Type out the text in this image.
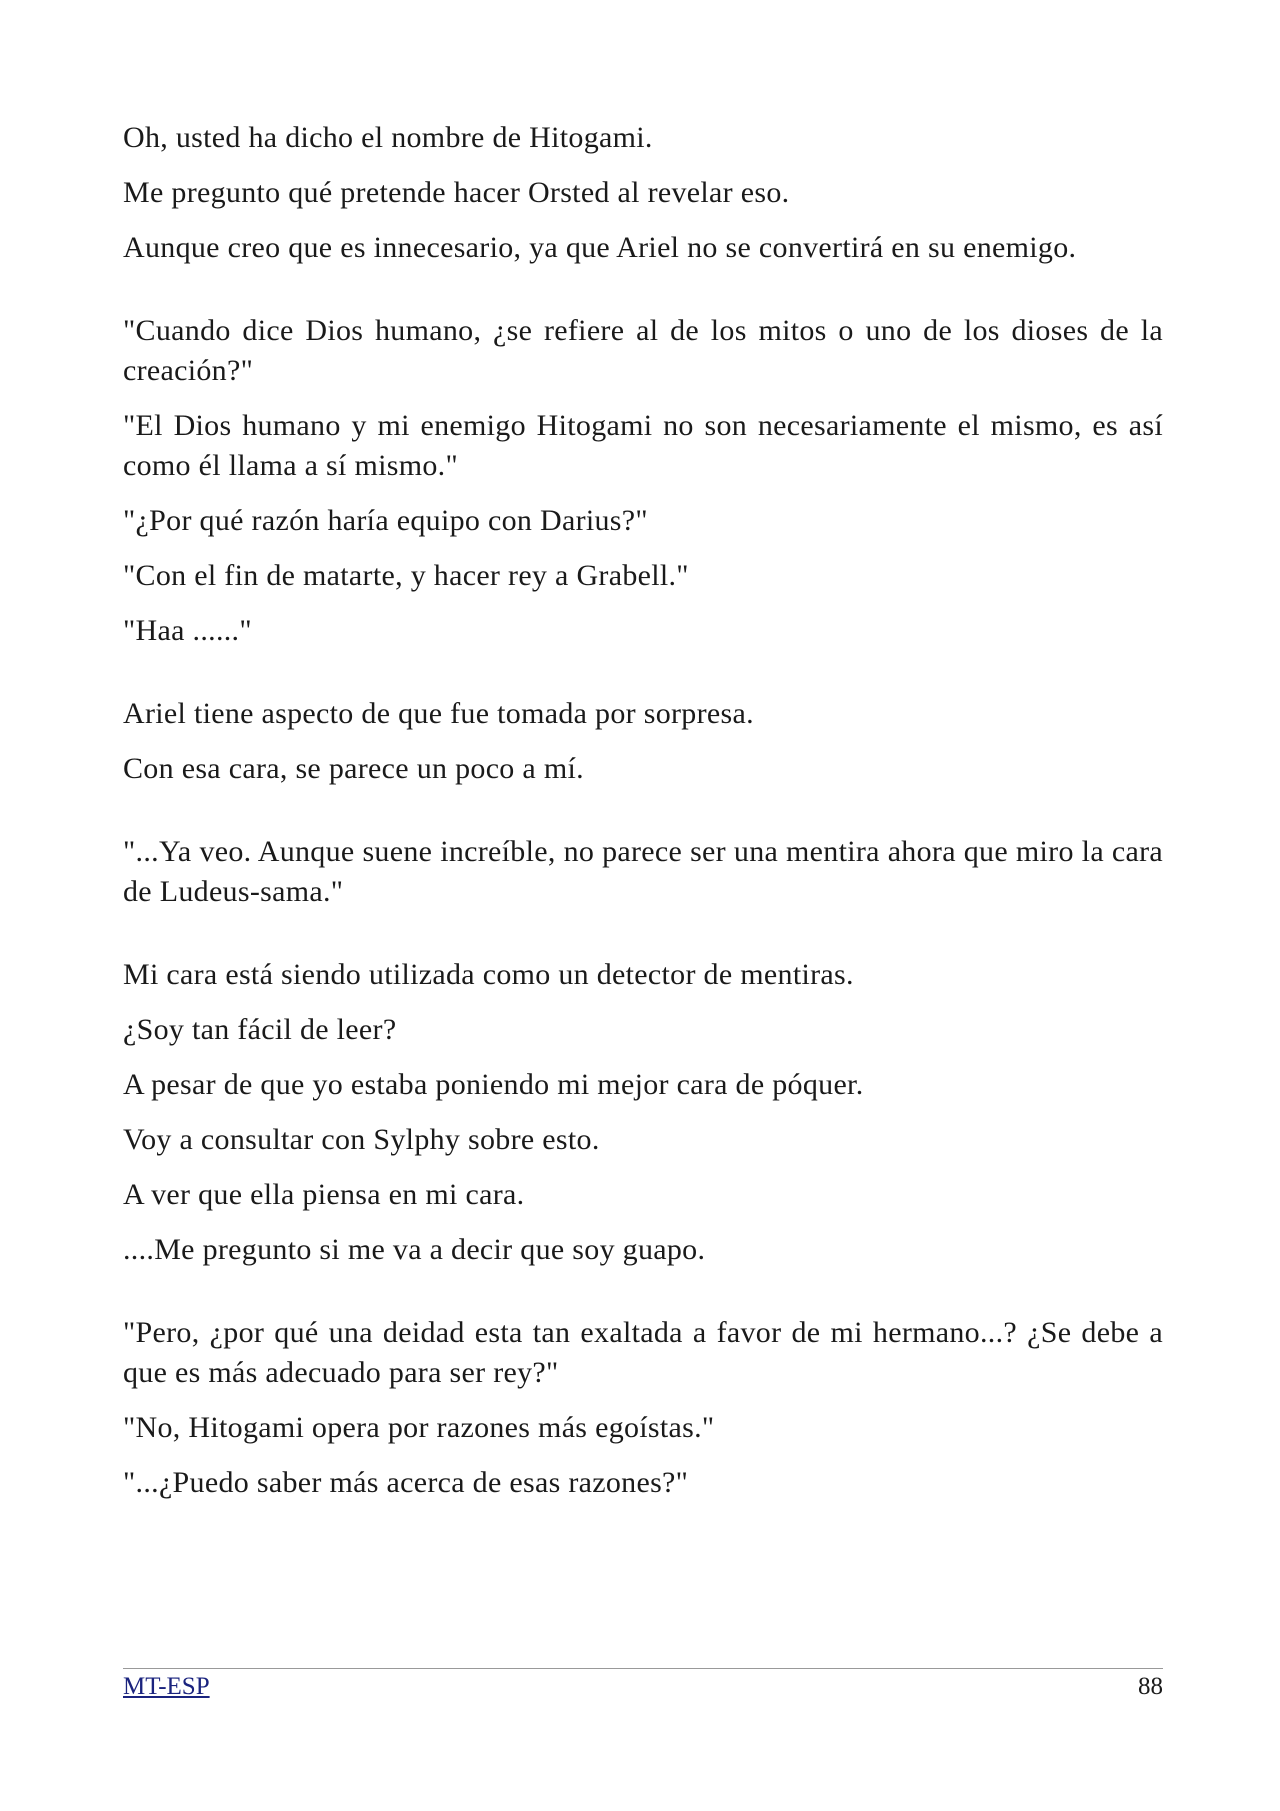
Oh, usted ha dicho el nombre de Hitogami.

Me pregunto qué pretende hacer Orsted al revelar eso.

Aunque creo que es innecesario, ya que Ariel no se convertirá en su enemigo.

"Cuando dice Dios humano, ¿se refiere al de los mitos o uno de los dioses de la creación?"

"El Dios humano y mi enemigo Hitogami no son necesariamente el mismo, es así como él llama a sí mismo."

"¿Por qué razón haría equipo con Darius?"

"Con el fin de matarte, y hacer rey a Grabell."

"Haa ......"

Ariel tiene aspecto de que fue tomada por sorpresa.

Con esa cara, se parece un poco a mí.

"...Ya veo. Aunque suene increíble, no parece ser una mentira ahora que miro la cara de Ludeus-sama."

Mi cara está siendo utilizada como un detector de mentiras.

¿Soy tan fácil de leer?

A pesar de que yo estaba poniendo mi mejor cara de póquer.

Voy a consultar con Sylphy sobre esto.

A ver que ella piensa en mi cara.

....Me pregunto si me va a decir que soy guapo.

"Pero, ¿por qué una deidad esta tan exaltada a favor de mi hermano...? ¿Se debe a que es más adecuado para ser rey?"

"No, Hitogami opera por razones más egoístas."

"...¿Puedo saber más acerca de esas razones?"

MT-ESP	88
